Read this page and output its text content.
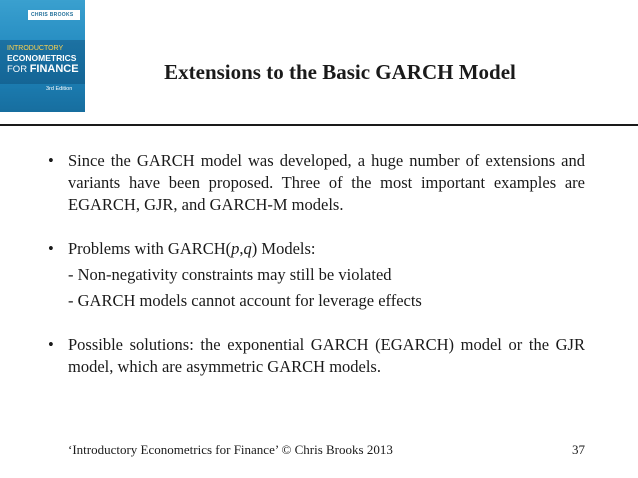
CHRIS BROOKS
INTRODUCTORY
ECONOMETRICS
FOR FINANCE
3rd Edition
Extensions to the Basic GARCH Model
• Since the GARCH model was developed, a huge number of extensions and variants have been proposed. Three of the most important examples are EGARCH, GJR, and GARCH-M models.
• Problems with GARCH(p,q) Models:
- Non-negativity constraints may still be violated
- GARCH models cannot account for leverage effects
• Possible solutions: the exponential GARCH (EGARCH) model or the GJR model, which are asymmetric GARCH models.
‘Introductory Econometrics for Finance’ © Chris Brooks 2013	37
